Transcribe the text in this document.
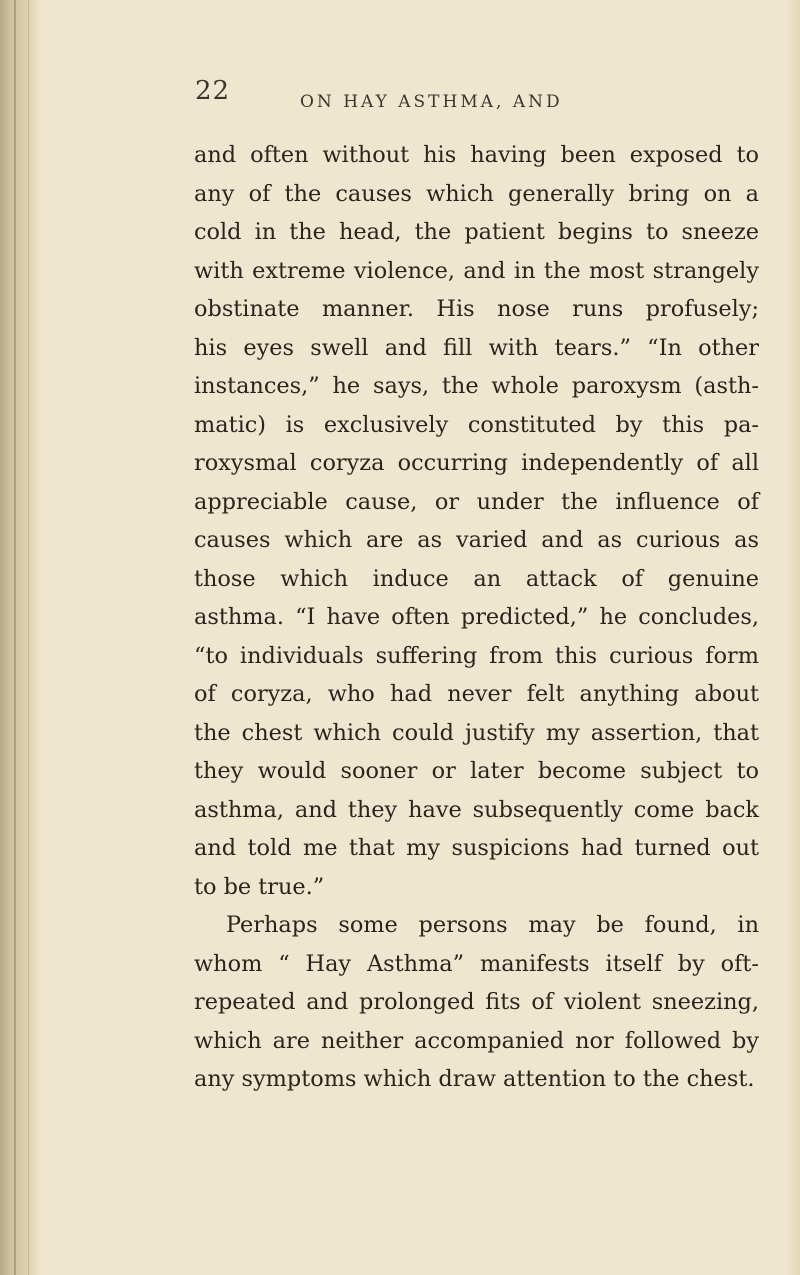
22	ON HAY ASTHMA, AND
and often without his having been exposed to
any of the causes which generally bring on a
cold in the head, the patient begins to sneeze
with extreme violence, and in the most strangely
obstinate manner. His nose runs profusely;
his eyes swell and fill with tears.” “In other
instances,” he says, the whole paroxysm (asth-
matic) is exclusively constituted by this pa-
roxysmal coryza occurring independently of all
appreciable cause, or under the influence of
causes which are as varied and as curious as
those which induce an attack of genuine
asthma. “I have often predicted,” he concludes,
“to individuals suffering from this curious form
of coryza, who had never felt anything about
the chest which could justify my assertion, that
they would sooner or later become subject to
asthma, and they have subsequently come back
and told me that my suspicions had turned out
to be true.”
Perhaps some persons may be found, in
whom “ Hay Asthma” manifests itself by oft-
repeated and prolonged fits of violent sneezing,
which are neither accompanied nor followed by
any symptoms which draw attention to the chest.
